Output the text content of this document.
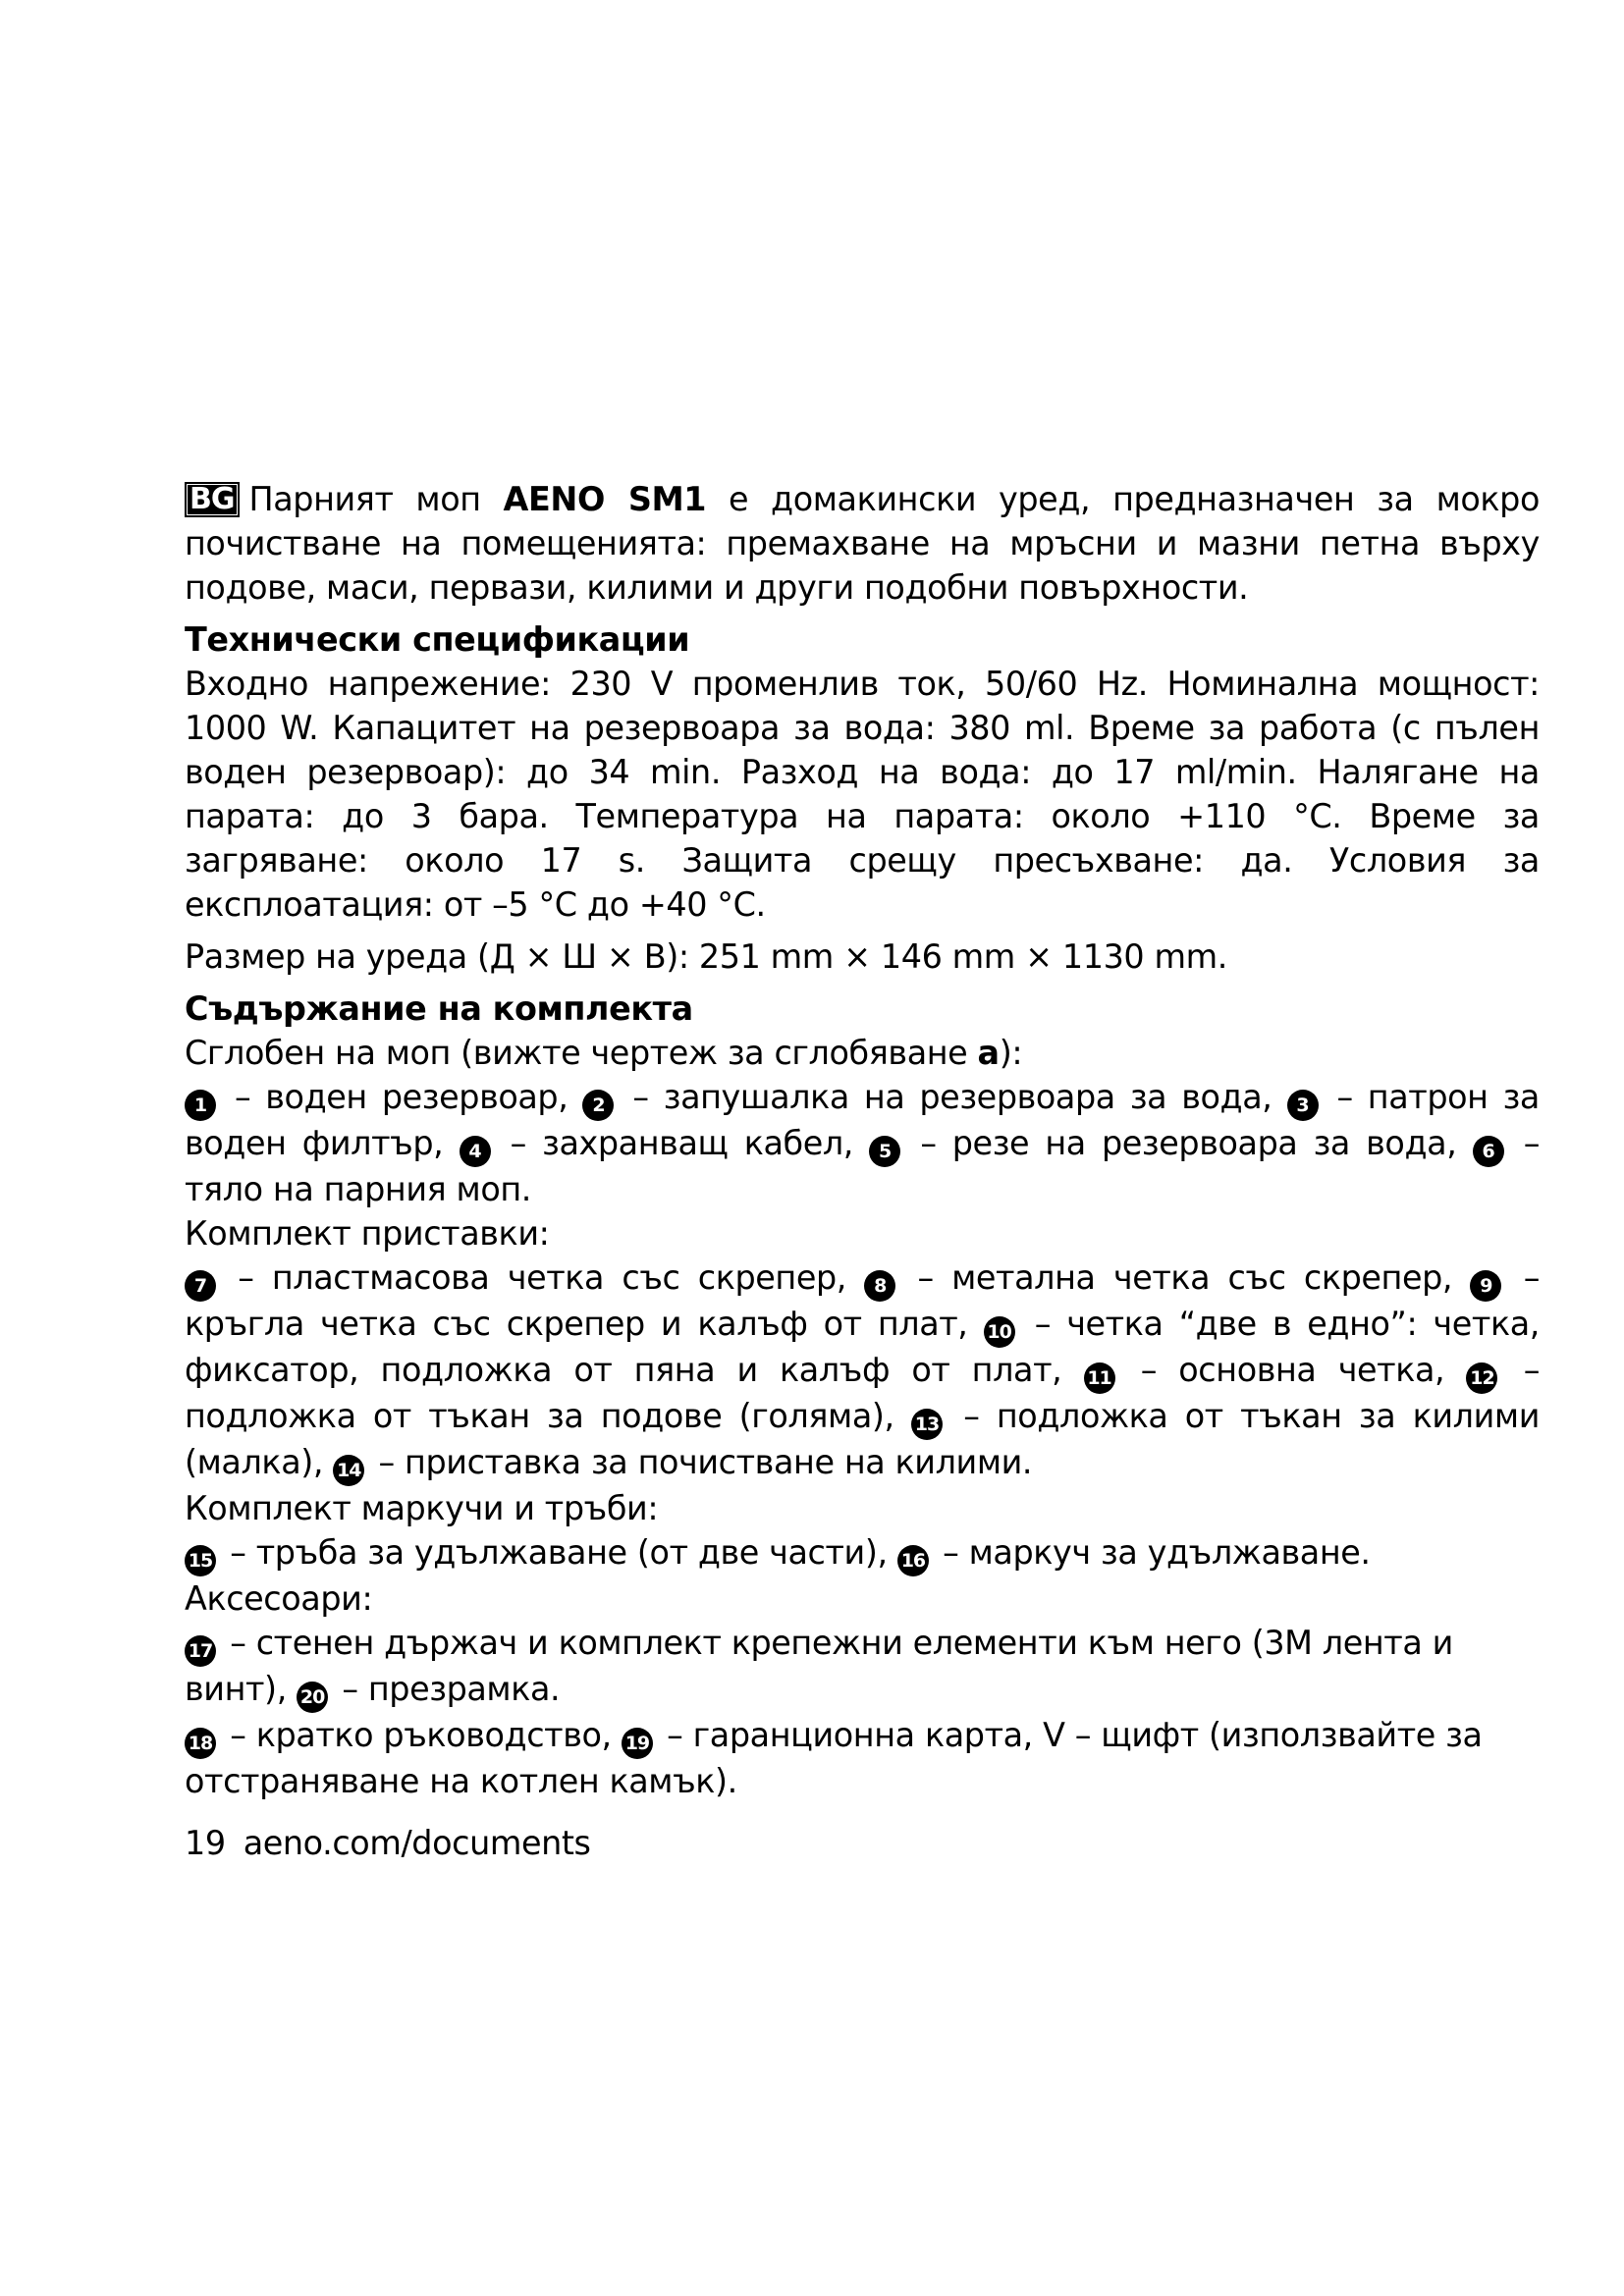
BG Парният моп AENO SM1 е домакински уред, предназначен за мокро почистване на помещенията: премахване на мръсни и мазни петна върху подове, маси, первази, килими и други подобни повърхности.

Технически спецификации

Входно напрежение: 230 V променлив ток, 50/60 Hz. Номинална мощност: 1000 W. Капацитет на резервоара за вода: 380 ml. Време за работа (с пълен воден резервоар): до 34 min. Разход на вода: до 17 ml/min. Налягане на парата: до 3 бара. Температура на парата: около +110 °C. Време за загряване: около 17 s. Защита срещу пресъхване: да. Условия за експлоатация: от –5 °C до +40 °C.

Размер на уреда (Д × Ш × В): 251 mm × 146 mm × 1130 mm.

Съдържание на комплекта

Сглобен на моп (вижте чертеж за сглобяване а):

1 – воден резервоар, 2 – запушалка на резервоара за вода, 3 – патрон за воден филтър, 4 – захранващ кабел, 5 – резе на резервоара за вода, 6 – тяло на парния моп.

Комплект приставки:

7 – пластмасова четка със скрепер, 8 – метална четка със скрепер, 9 – кръгла четка със скрепер и калъф от плат, 10 – четка “две в едно”: четка, фиксатор, подложка от пяна и калъф от плат, 11 – основна четка, 12 – подложка от тъкан за подове (голяма), 13 – подложка от тъкан за килими (малка), 14 – приставка за почистване на килими.

Комплект маркучи и тръби:

15 – тръба за удължаване (от две части), 16 – маркуч за удължаване.

Аксесоари:

17 – стенен държач и комплект крепежни елементи към него (3M лента и винт), 20 – презрамка.

18 – кратко ръководство, 19 – гаранционна карта, V – щифт (използвайте за отстраняване на котлен камък).

19 aeno.com/documents
